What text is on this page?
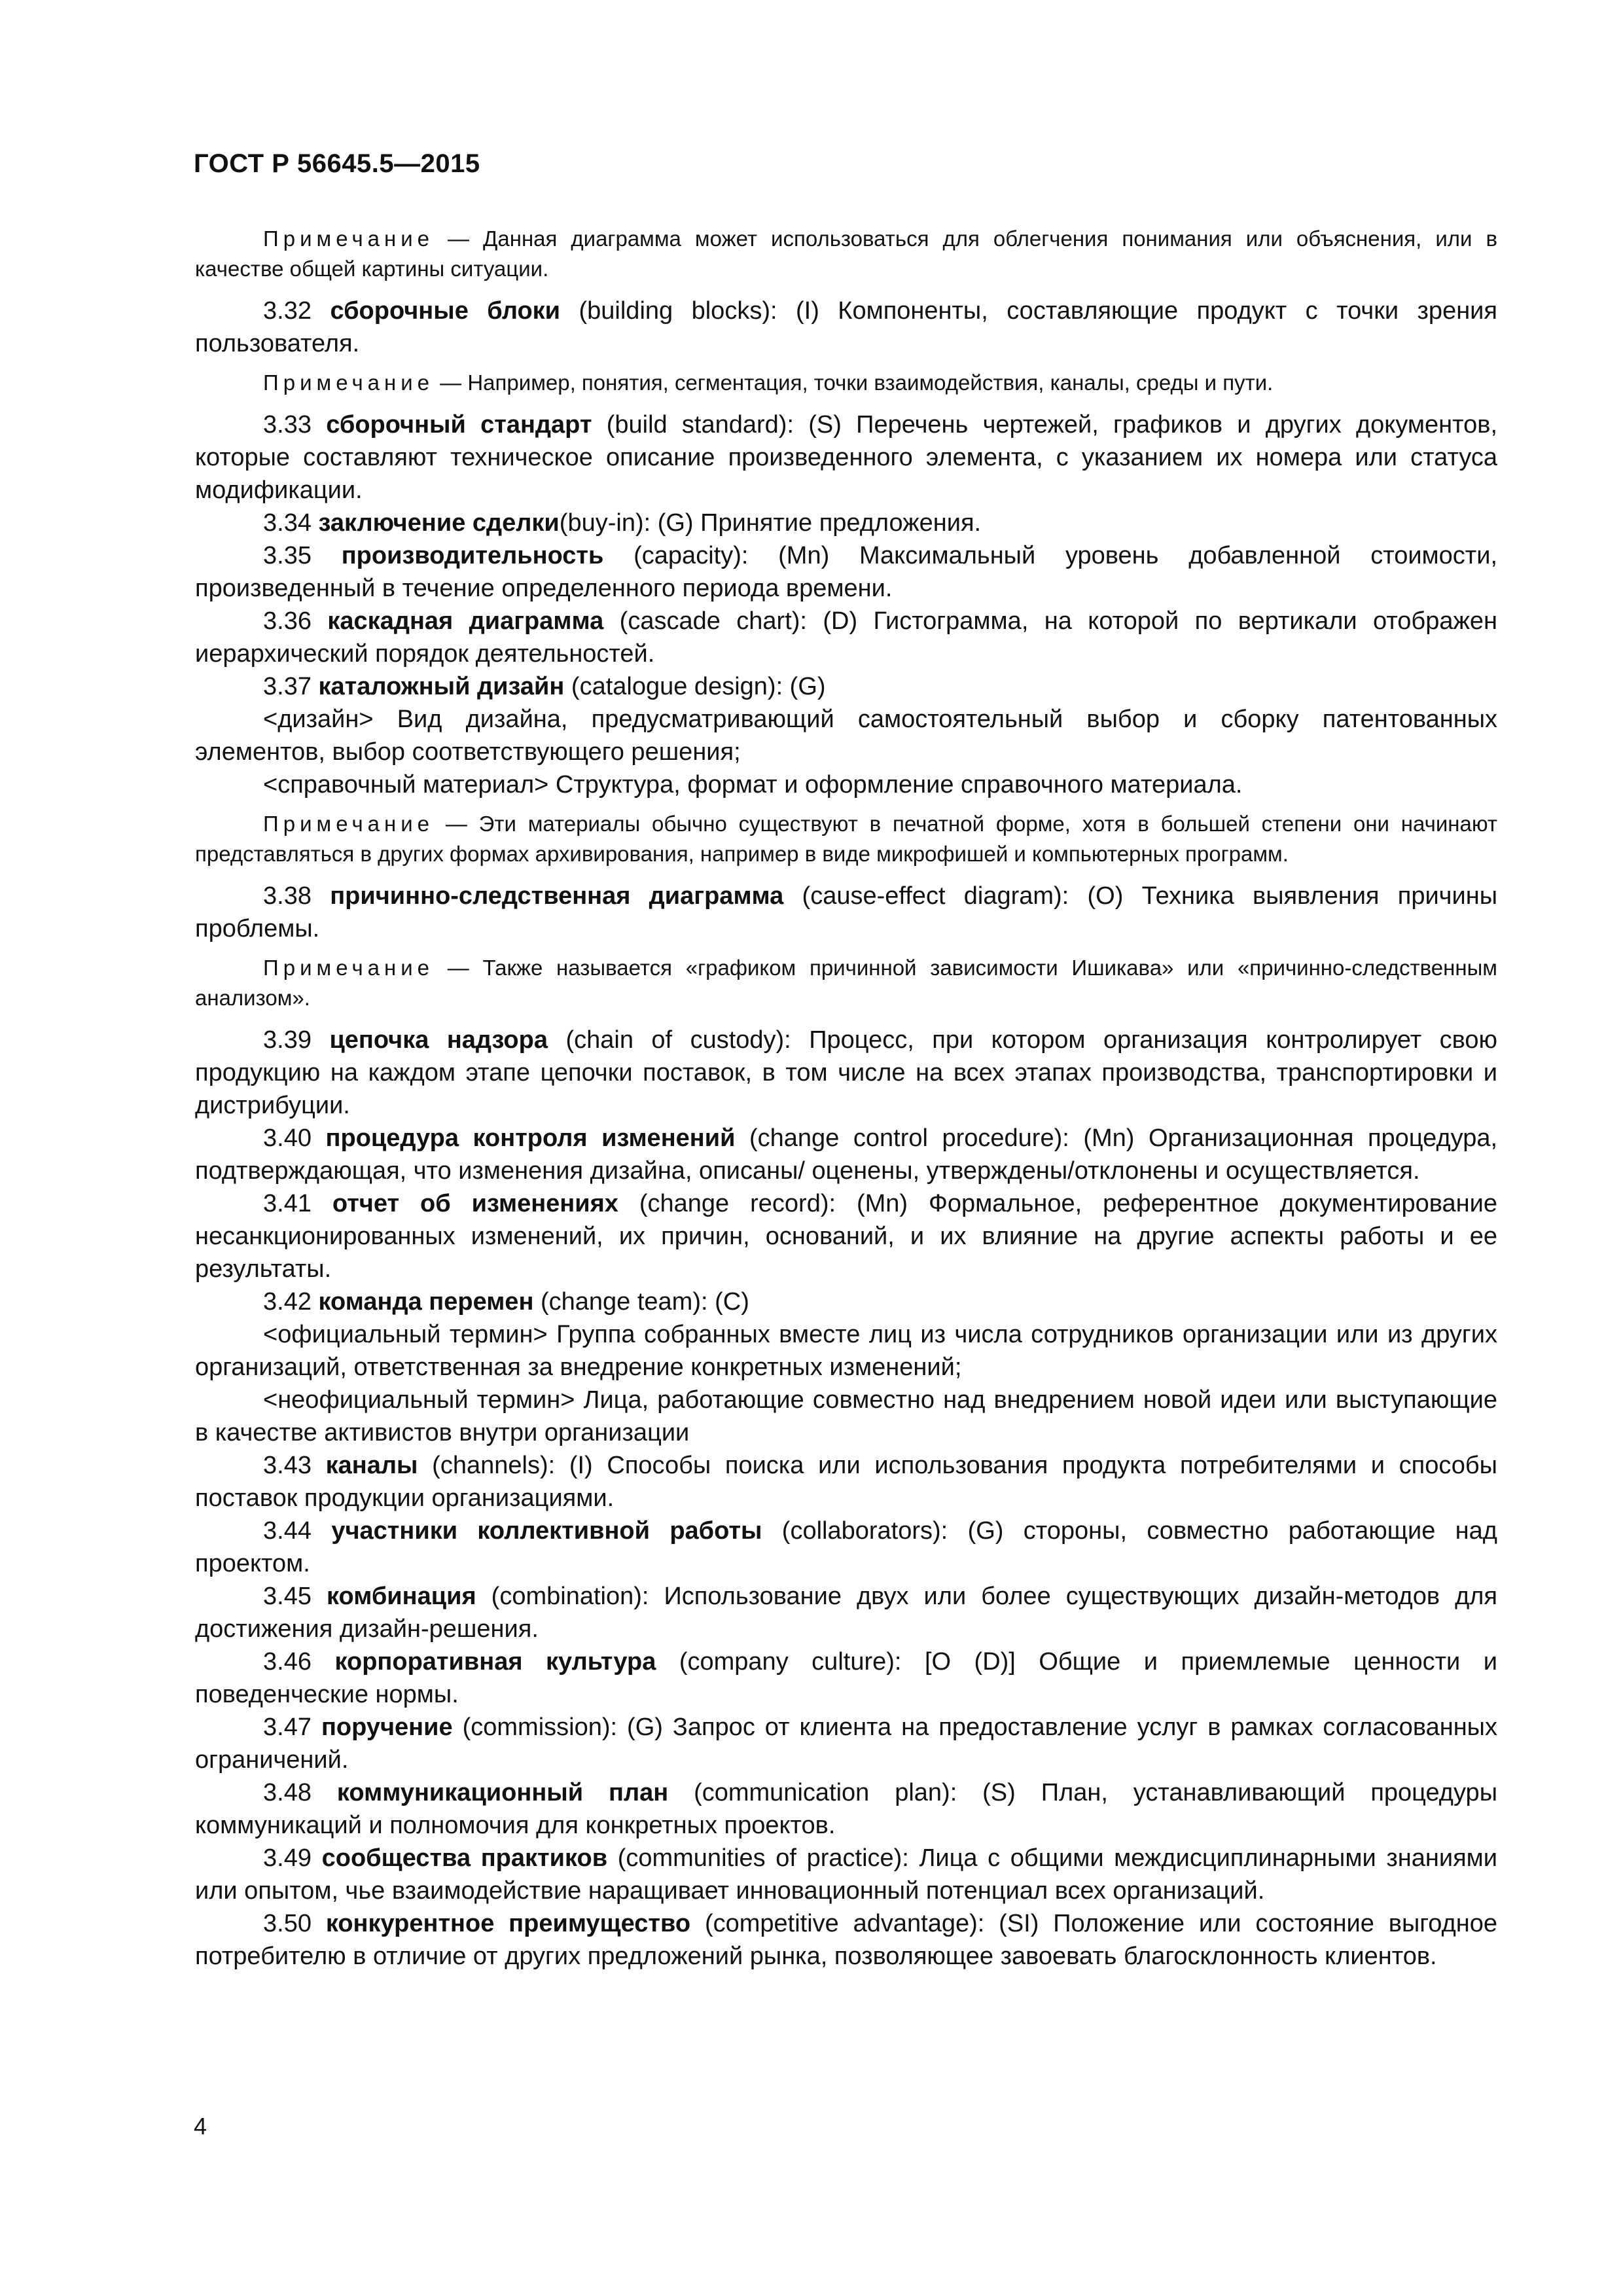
ГОСТ Р 56645.5—2015

Примечание — Данная диаграмма может использоваться для облегчения понимания или объяснения, или в качестве общей картины ситуации.

3.32 сборочные блоки (building blocks): (I) Компоненты, составляющие продукт с точки зрения пользователя.

Примечание — Например, понятия, сегментация, точки взаимодействия, каналы, среды и пути.

3.33 сборочный стандарт (build standard): (S) Перечень чертежей, графиков и других документов, которые составляют техническое описание произведенного элемента, с указанием их номера или статуса модификации.

3.34 заключение сделки(buy-in): (G) Принятие предложения.

3.35 производительность (capacity): (Mn) Максимальный уровень добавленной стоимости, произведенный в течение определенного периода времени.

3.36 каскадная диаграмма (cascade chart): (D) Гистограмма, на которой по вертикали отображен иерархический порядок деятельностей.

3.37 каталожный дизайн (catalogue design): (G)

<дизайн> Вид дизайна, предусматривающий самостоятельный выбор и сборку патентованных элементов, выбор соответствующего решения;

<справочный материал> Структура, формат и оформление справочного материала.

Примечание — Эти материалы обычно существуют в печатной форме, хотя в большей степени они начинают представляться в других формах архивирования, например в виде микрофишей и компьютерных программ.

3.38 причинно-следственная диаграмма (cause-effect diagram): (O) Техника выявления причины проблемы.

Примечание — Также называется «графиком причинной зависимости Ишикава» или «причинно-следственным анализом».

3.39 цепочка надзора (chain of custody): Процесс, при котором организация контролирует свою продукцию на каждом этапе цепочки поставок, в том числе на всех этапах производства, транспортировки и дистрибуции.

3.40 процедура контроля изменений (change control procedure): (Mn) Организационная процедура, подтверждающая, что изменения дизайна, описаны/ оценены, утверждены/отклонены и осуществляется.

3.41 отчет об изменениях (change record): (Mn) Формальное, референтное документирование несанкционированных изменений, их причин, оснований, и их влияние на другие аспекты работы и ее результаты.

3.42 команда перемен (change team): (C)

<официальный термин> Группа собранных вместе лиц из числа сотрудников организации или из других организаций, ответственная за внедрение конкретных изменений;

<неофициальный термин> Лица, работающие совместно над внедрением новой идеи или выступающие в качестве активистов внутри организации

3.43 каналы (channels): (I) Способы поиска или использования продукта потребителями и способы поставок продукции организациями.

3.44 участники коллективной работы (collaborators): (G) стороны, совместно работающие над проектом.

3.45 комбинация (combination): Использование двух или более существующих дизайн-методов для достижения дизайн-решения.

3.46 корпоративная культура (company culture): [O (D)] Общие и приемлемые ценности и поведенческие нормы.

3.47 поручение (commission): (G) Запрос от клиента на предоставление услуг в рамках согласованных ограничений.

3.48 коммуникационный план (communication plan): (S) План, устанавливающий процедуры коммуникаций и полномочия для конкретных проектов.

3.49 сообщества практиков (communities of practice): Лица с общими междисциплинарными знаниями или опытом, чье взаимодействие наращивает инновационный потенциал всех организаций.

3.50 конкурентное преимущество (competitive advantage): (SI) Положение или состояние выгодное потребителю в отличие от других предложений рынка, позволяющее завоевать благосклонность клиентов.

4
